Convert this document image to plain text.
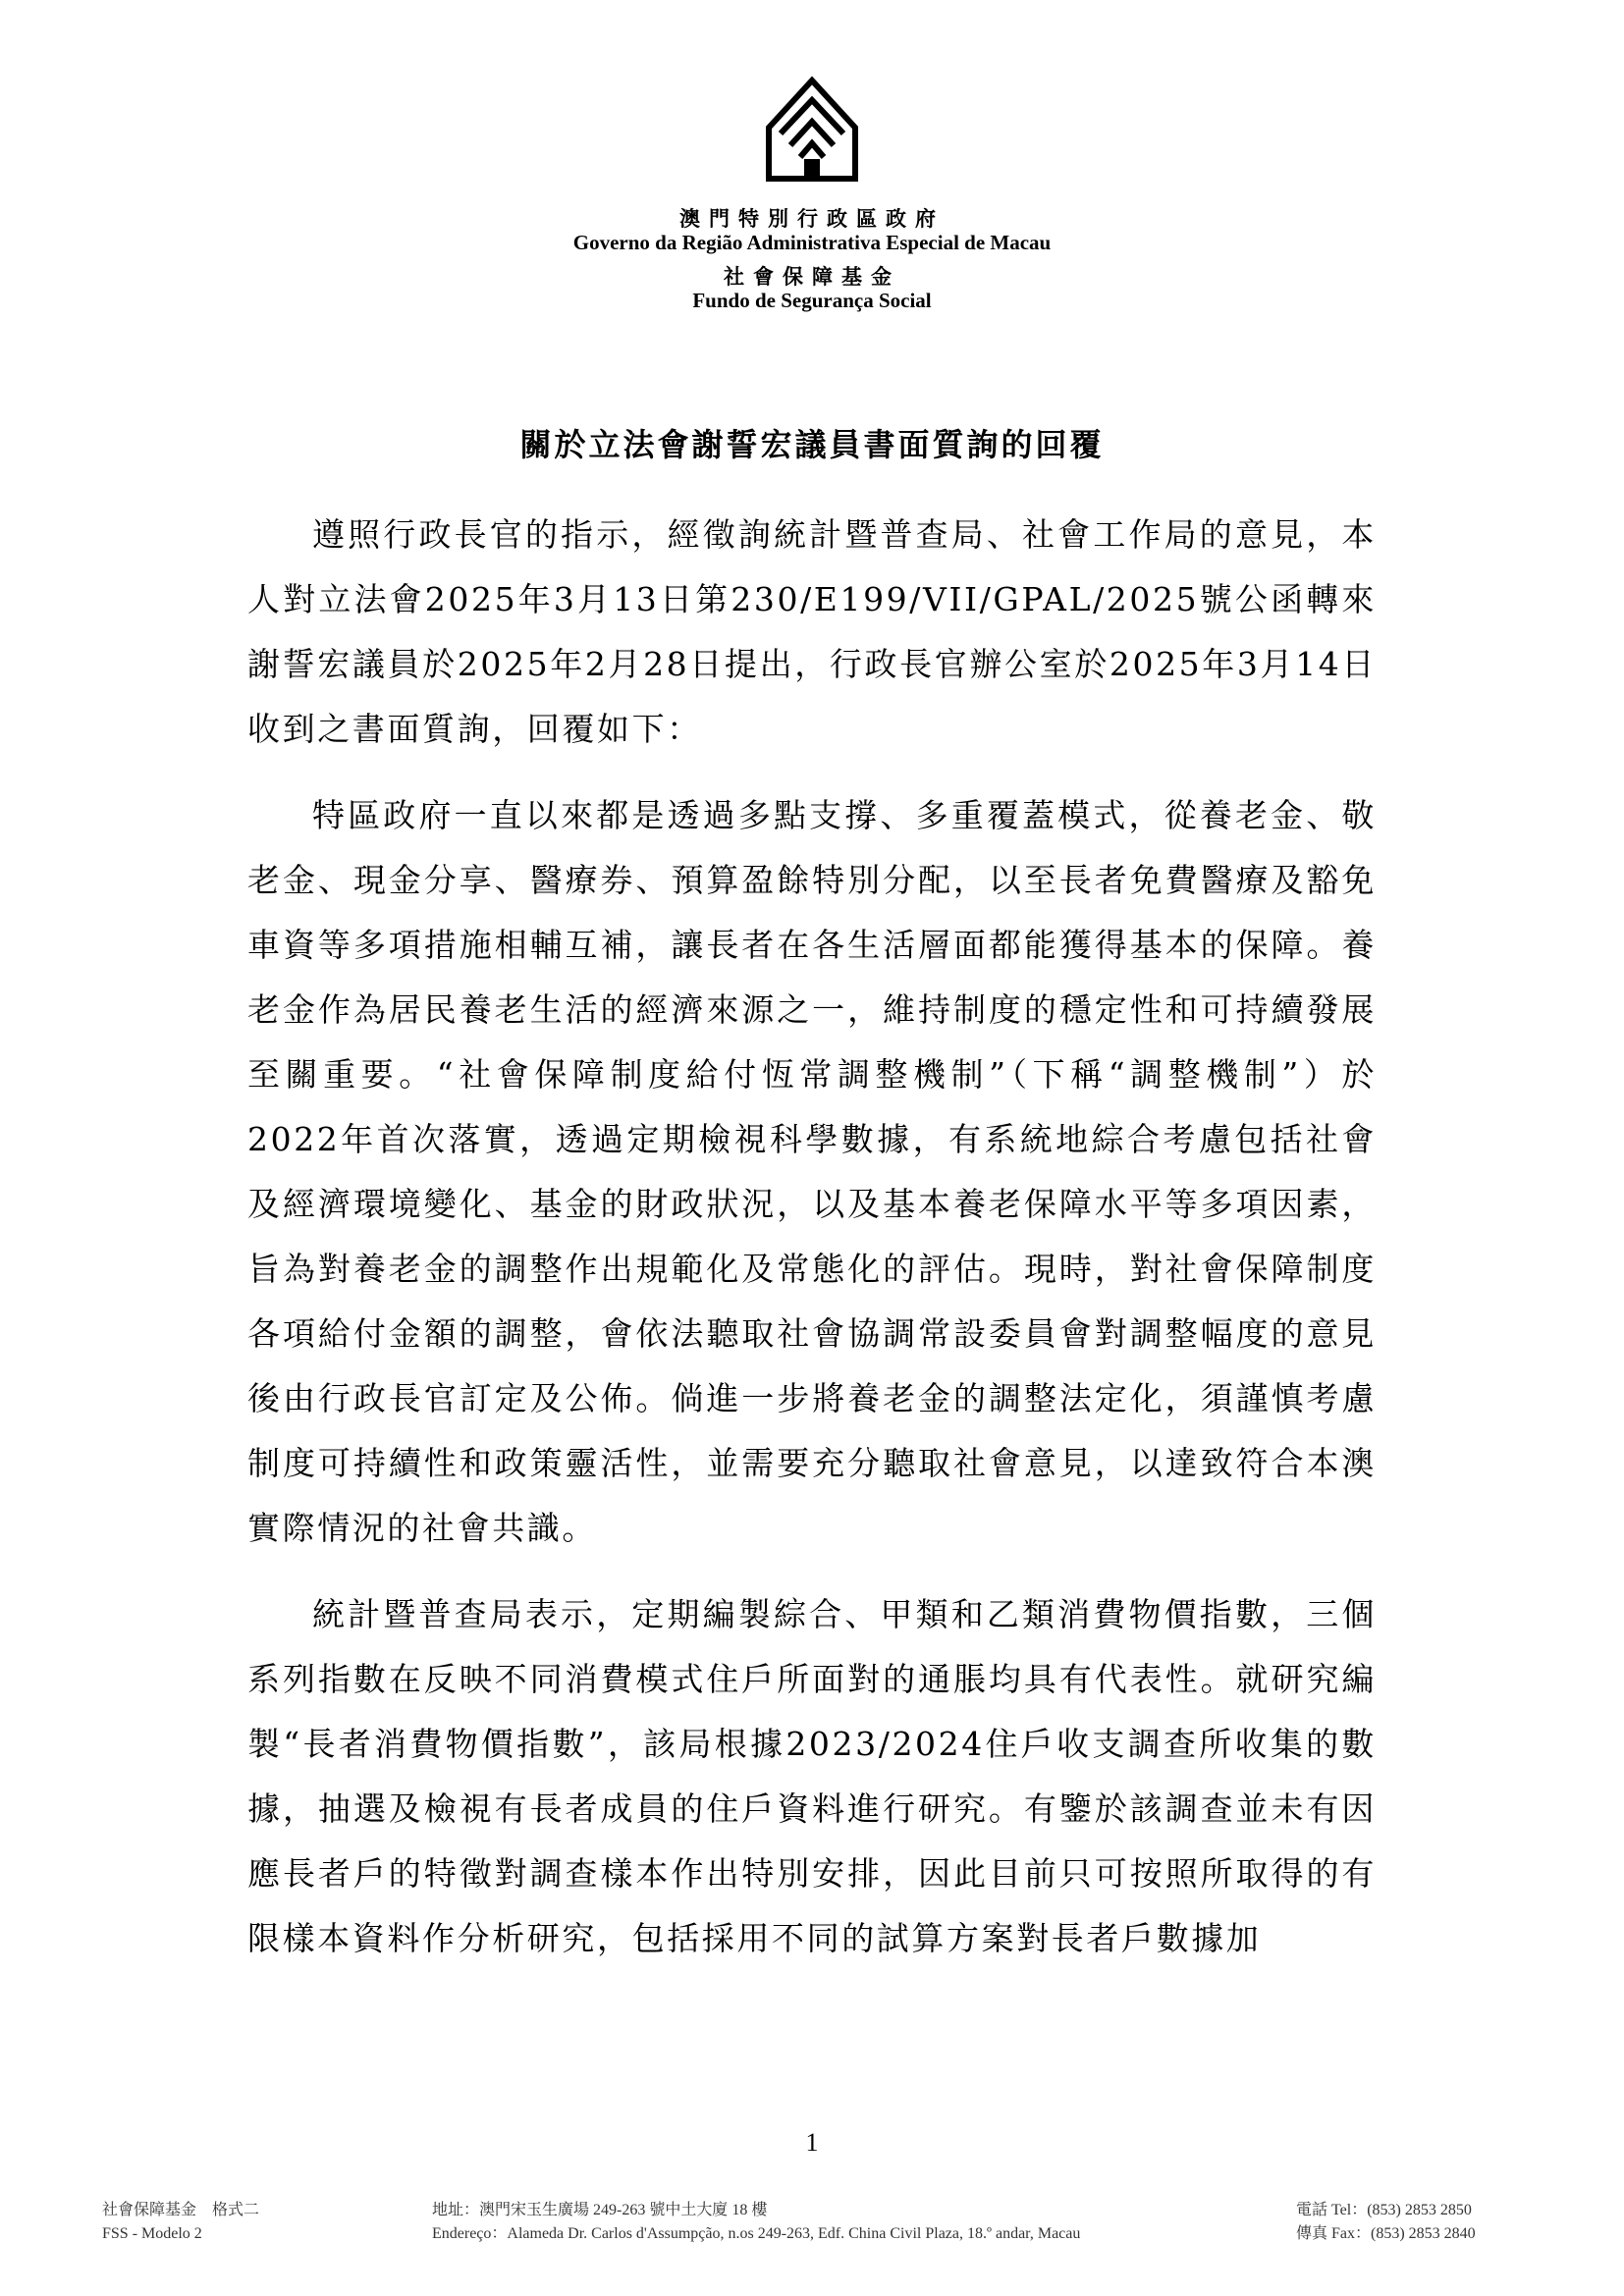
澳門特別行政區政府
Governo da Região Administrativa Especial de Macau
社會保障基金
Fundo de Segurança Social
關於立法會謝誓宏議員書面質詢的回覆

遵照行政長官的指示，經徵詢統計暨普查局、社會工作局的意見，本人對立法會2025年3月13日第230/E199/VII/GPAL/2025號公函轉來謝誓宏議員於2025年2月28日提出，行政長官辦公室於2025年3月14日收到之書面質詢，回覆如下：

特區政府一直以來都是透過多點支撐、多重覆蓋模式，從養老金、敬老金、現金分享、醫療券、預算盈餘特別分配，以至長者免費醫療及豁免車資等多項措施相輔互補，讓長者在各生活層面都能獲得基本的保障。養老金作為居民養老生活的經濟來源之一，維持制度的穩定性和可持續發展至關重要。“社會保障制度給付恆常調整機制”（下稱“調整機制”）於2022年首次落實，透過定期檢視科學數據，有系統地綜合考慮包括社會及經濟環境變化、基金的財政狀況，以及基本養老保障水平等多項因素，旨為對養老金的調整作出規範化及常態化的評估。現時，對社會保障制度各項給付金額的調整，會依法聽取社會協調常設委員會對調整幅度的意見後由行政長官訂定及公佈。倘進一步將養老金的調整法定化，須謹慎考慮制度可持續性和政策靈活性，並需要充分聽取社會意見，以達致符合本澳實際情況的社會共識。

統計暨普查局表示，定期編製綜合、甲類和乙類消費物價指數，三個系列指數在反映不同消費模式住戶所面對的通脹均具有代表性。就研究編製“長者消費物價指數”，該局根據2023/2024住戶收支調查所收集的數據，抽選及檢視有長者成員的住戶資料進行研究。有鑒於該調查並未有因應長者戶的特徵對調查樣本作出特別安排，因此目前只可按照所取得的有限樣本資料作分析研究，包括採用不同的試算方案對長者戶數據加

1
社會保障基金　格式二
FSS - Modelo 2
地址：澳門宋玉生廣場 249-263 號中土大廈 18 樓
Endereço：Alameda Dr. Carlos d'Assumpção, n.os 249-263, Edf. China Civil Plaza, 18.º andar, Macau
電話 Tel：(853) 2853 2850
傳真 Fax：(853) 2853 2840
